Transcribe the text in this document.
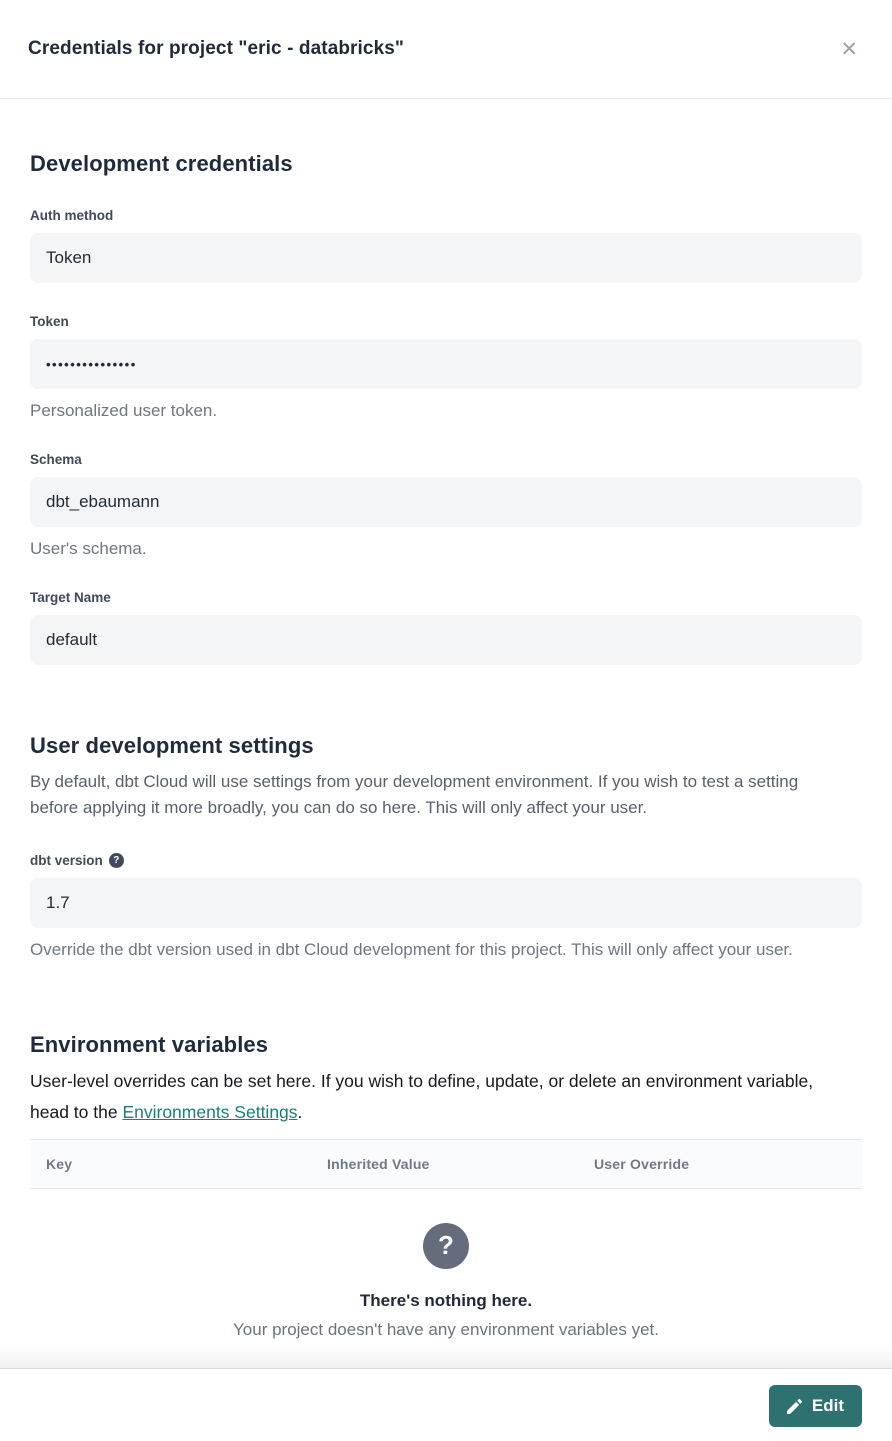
Credentials for project "eric - databricks"	✕
Development credentials
Auth method
Token
Token
•••••••••••••••
Personalized user token.
Schema
dbt_ebaumann
User's schema.
Target Name
default
User development settings

By default, dbt Cloud will use settings from your development environment. If you wish to test a setting before applying it more broadly, you can do so here. This will only affect your user.

dbt version	?
1.7
Override the dbt version used in dbt Cloud development for this project. This will only affect your user.
Environment variables

User-level overrides can be set here. If you wish to define, update, or delete an environment variable, head to the Environments Settings.

Key	Inherited Value	User Override
?
There's nothing here.
Your project doesn't have any environment variables yet.
Edit
